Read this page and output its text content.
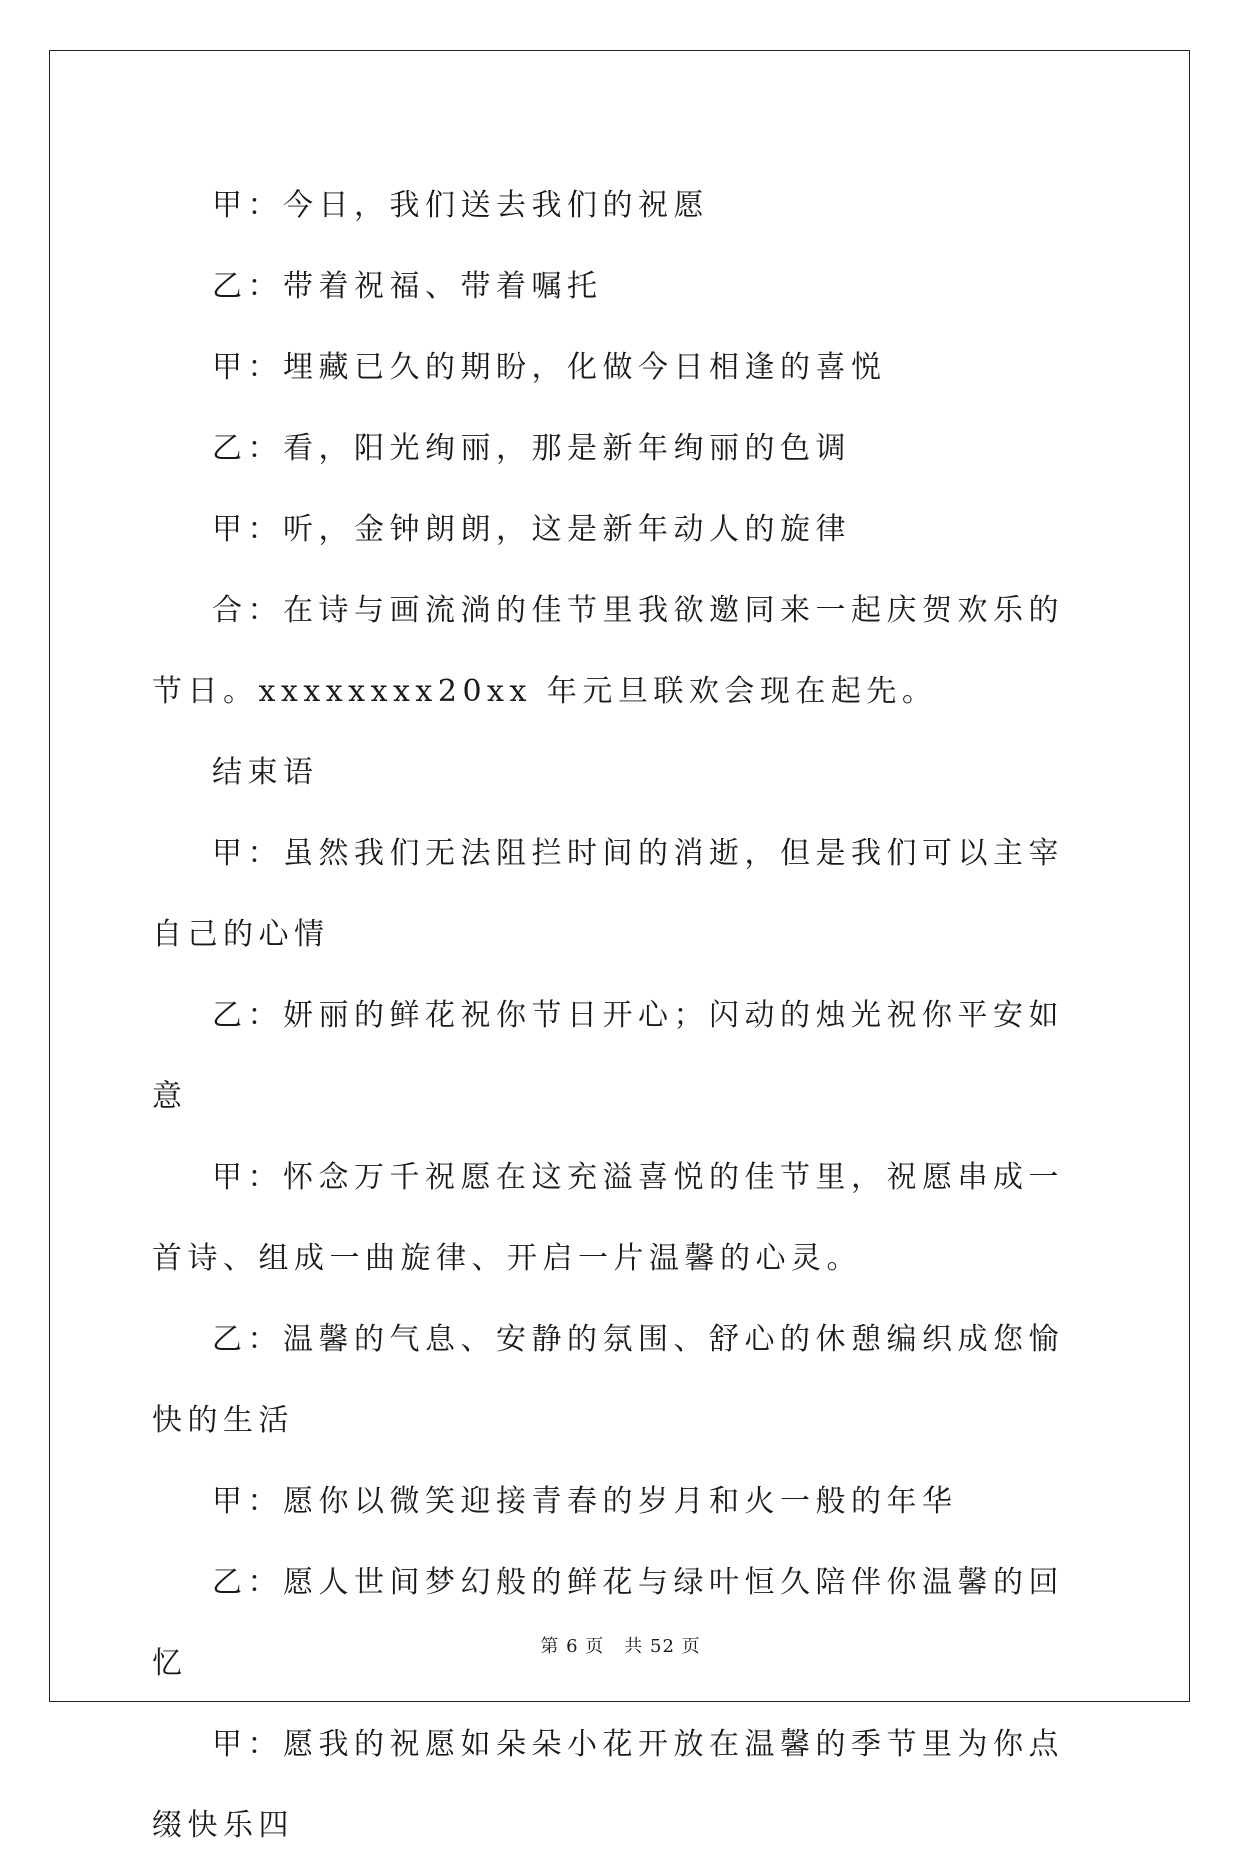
甲：今日，我们送去我们的祝愿

乙：带着祝福、带着嘱托

甲：埋藏已久的期盼，化做今日相逢的喜悦

乙：看，阳光绚丽，那是新年绚丽的色调

甲：听，金钟朗朗，这是新年动人的旋律

合：在诗与画流淌的佳节里我欲邀同来一起庆贺欢乐的节日。xxxxxxxx20xx 年元旦联欢会现在起先。

结束语

甲：虽然我们无法阻拦时间的消逝，但是我们可以主宰自己的心情

乙：妍丽的鲜花祝你节日开心；闪动的烛光祝你平安如意

甲：怀念万千祝愿在这充溢喜悦的佳节里，祝愿串成一首诗、组成一曲旋律、开启一片温馨的心灵。

乙：温馨的气息、安静的氛围、舒心的休憩编织成您愉快的生活

甲：愿你以微笑迎接青春的岁月和火一般的年华

乙：愿人世间梦幻般的鲜花与绿叶恒久陪伴你温馨的回忆

甲：愿我的祝愿如朵朵小花开放在温馨的季节里为你点缀快乐四

第 6 页 共 52 页
